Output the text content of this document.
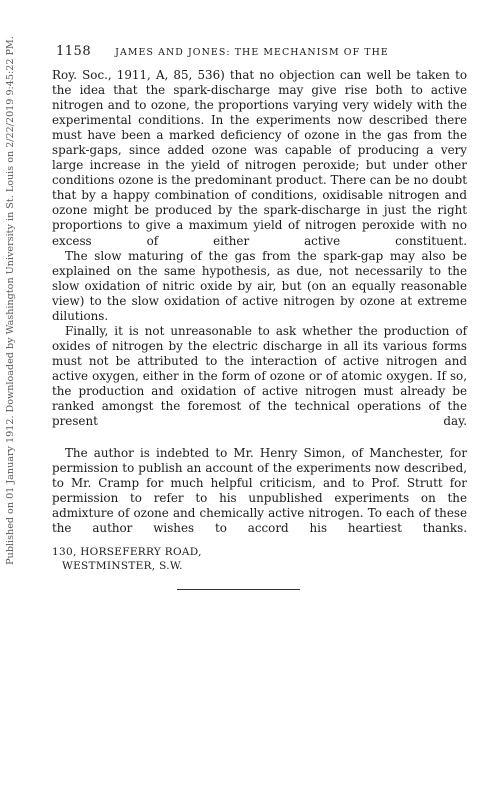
Published on 01 January 1912. Downloaded by Washington University in St. Louis on 2/22/2019 9:45:22 PM.	1158	JAMES AND JONES: THE MECHANISM OF THE
Roy. Soc., 1911, A, 85, 536) that no objection can well be taken to the idea that the spark-discharge may give rise both to active nitrogen and to ozone, the proportions varying very widely with the experimental conditions. In the experiments now described there must have been a marked deficiency of ozone in the gas from the spark-gaps, since added ozone was capable of producing a very large increase in the yield of nitrogen peroxide; but under other conditions ozone is the predominant product. There can be no doubt that by a happy combination of conditions, oxidisable nitrogen and ozone might be produced by the spark-discharge in just the right proportions to give a maximum yield of nitrogen peroxide with no excess of either active constituent.
The slow maturing of the gas from the spark-gap may also be explained on the same hypothesis, as due, not necessarily to the slow oxidation of nitric oxide by air, but (on an equally reasonable view) to the slow oxidation of active nitrogen by ozone at extreme dilutions.
Finally, it is not unreasonable to ask whether the production of oxides of nitrogen by the electric discharge in all its various forms must not be attributed to the interaction of active nitrogen and active oxygen, either in the form of ozone or of atomic oxygen. If so, the production and oxidation of active nitrogen must already be ranked amongst the foremost of the technical operations of the present day.
The author is indebted to Mr. Henry Simon, of Manchester, for permission to publish an account of the experiments now described, to Mr. Cramp for much helpful criticism, and to Prof. Strutt for permission to refer to his unpublished experiments on the admixture of ozone and chemically active nitrogen. To each of these the author wishes to accord his heartiest thanks.
130, HORSEFERRY ROAD,
WESTMINSTER, S.W.
